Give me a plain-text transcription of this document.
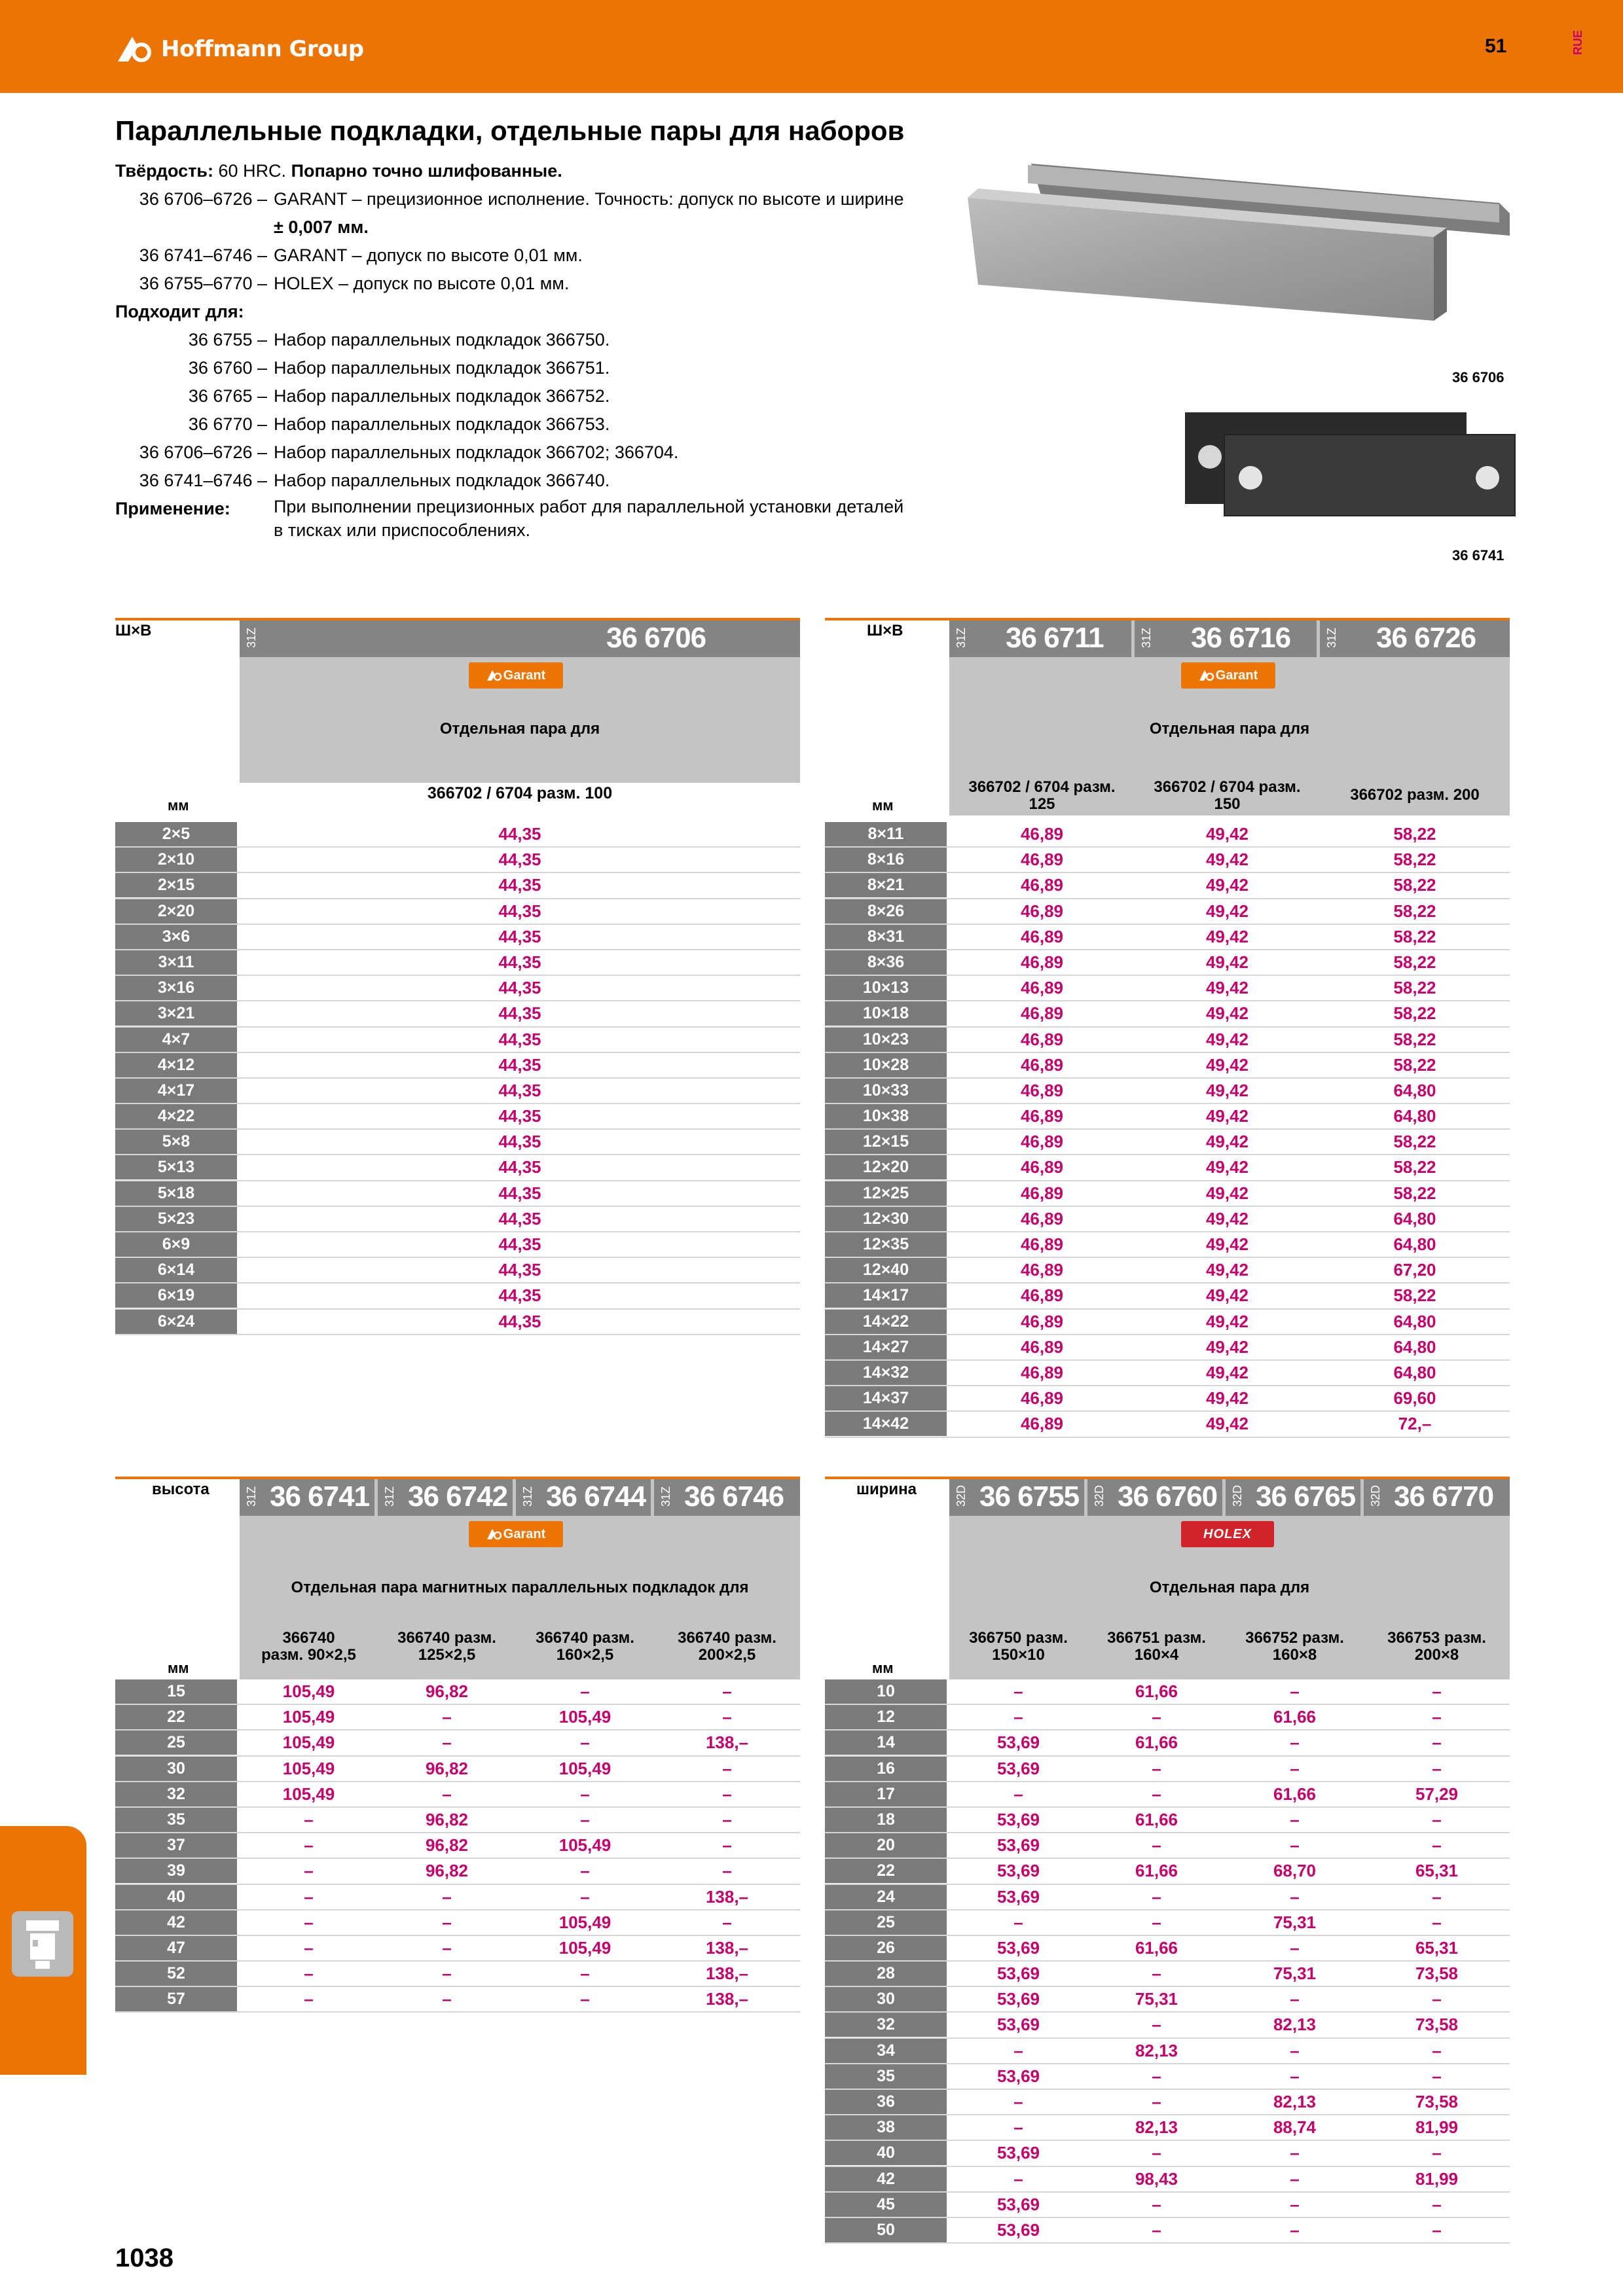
Hoffmann Group	51	RUE
Параллельные подкладки, отдельные пары для наборов
Твёрдость:
60 HRC.
Попарно точно шлифованные.
36 6706–6726 – GARANT – прецизионное исполнение. Точность: допуск по высоте и ширине
± 0,007 мм.
36 6741–6746 – GARANT – допуск по высоте 0,01 мм.
36 6755–6770 – HOLEX – допуск по высоте 0,01 мм.
Подходит для:
36 6755 – Набор параллельных подкладок 366750.
36 6760 – Набор параллельных подкладок 366751.
36 6765 – Набор параллельных подкладок 366752.
36 6770 – Набор параллельных подкладок 366753.
36 6706–6726 – Набор параллельных подкладок 366702; 366704.
36 6741–6746 – Набор параллельных подкладок 366740.
Применение:	При выполнении прецизионных работ для параллельной установки деталей
в тисках или приспособлениях.
36 6706
36 6741
Ш×В	31Z	36 6706
Garant
Отдельная пара для
366702 / 6704 разм. 100
мм
2×5	44,35
2×10	44,35
2×15	44,35
2×20	44,35
3×6	44,35
3×11	44,35
3×16	44,35
3×21	44,35
4×7	44,35
4×12	44,35
4×17	44,35
4×22	44,35
5×8	44,35
5×13	44,35
5×18	44,35
5×23	44,35
6×9	44,35
6×14	44,35
6×19	44,35
6×24	44,35
Ш×В	31Z 36 6711	31Z 36 6716	31Z 36 6726
Garant
Отдельная пара для
366702 / 6704 разм.
125
366702 / 6704 разм.
150
366702 разм. 200
мм
8×11	46,89	49,42	58,22
8×16	46,89	49,42	58,22
8×21	46,89	49,42	58,22
8×26	46,89	49,42	58,22
8×31	46,89	49,42	58,22
8×36	46,89	49,42	58,22
10×13	46,89	49,42	58,22
10×18	46,89	49,42	58,22
10×23	46,89	49,42	58,22
10×28	46,89	49,42	58,22
10×33	46,89	49,42	64,80
10×38	46,89	49,42	64,80
12×15	46,89	49,42	58,22
12×20	46,89	49,42	58,22
12×25	46,89	49,42	58,22
12×30	46,89	49,42	64,80
12×35	46,89	49,42	64,80
12×40	46,89	49,42	67,20
14×17	46,89	49,42	58,22
14×22	46,89	49,42	64,80
14×27	46,89	49,42	64,80
14×32	46,89	49,42	64,80
14×37	46,89	49,42	69,60
14×42	46,89	49,42	72,–
высота	31Z 36 6741 31Z 36 6742 31Z 36 6744 31Z 36 6746
Garant
Отдельная пара магнитных параллельных подкладок для
366740
разм. 90×2,5
366740 разм.
125×2,5
366740 разм.
160×2,5
366740 разм.
200×2,5
мм
15	105,49	96,82	–	–
22	105,49	–	105,49	–
25	105,49	–	–	138,–
30	105,49	96,82	105,49	–
32	105,49	–	–	–
35	–	96,82	–	–
37	–	96,82	105,49	–
39	–	96,82	–	–
40	–	–	–	138,–
42	–	–	105,49	–
47	–	–	105,49	138,–
52	–	–	–	138,–
57	–	–	–	138,–
ширина	32D 36 6755 32D 36 6760 32D 36 6765 32D 36 6770
HOLEX
Отдельная пара для
366750 разм.
150×10
366751 разм.
160×4
366752 разм.
160×8
366753 разм.
200×8
мм
10	–	61,66	–	–
12	–	–	61,66	–
14	53,69	61,66	–	–
16	53,69	–	–	–
17	–	–	61,66	57,29
18	53,69	61,66	–	–
20	53,69	–	–	–
22	53,69	61,66	68,70	65,31
24	53,69	–	–	–
25	–	–	75,31	–
26	53,69	61,66	–	65,31
28	53,69	–	75,31	73,58
30	53,69	75,31	–	–
32	53,69	–	82,13	73,58
34	–	82,13	–	–
35	53,69	–	–	–
36	–	–	82,13	73,58
38	–	82,13	88,74	81,99
40	53,69	–	–	–
42	–	98,43	–	81,99
45	53,69	–	–	–
50	53,69	–	–	–
1038
